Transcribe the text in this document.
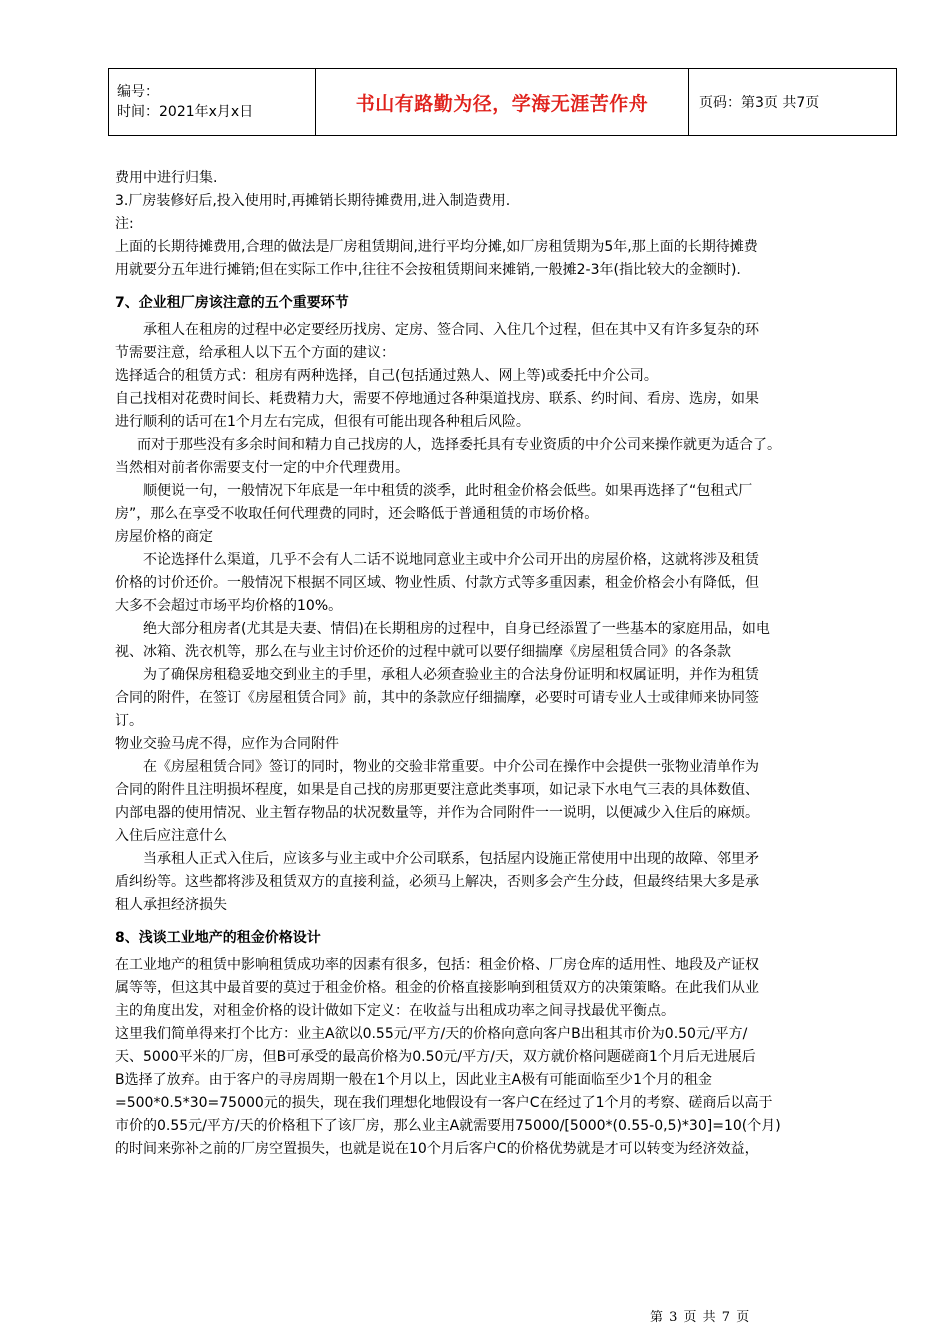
编号：
时间：2021年x月x日	书山有路勤为径，学海无涯苦作舟	页码：第3页 共7页
费用中进行归集.
3.厂房装修好后,投入使用时,再摊销长期待摊费用,进入制造费用.
注:
上面的长期待摊费用,合理的做法是厂房租赁期间,进行平均分摊,如厂房租赁期为5年,那上面的长期待摊费
用就要分五年进行摊销;但在实际工作中,往往不会按租赁期间来摊销,一般摊2-3年(指比较大的金额时).
7、企业租厂房该注意的五个重要环节
承租人在租房的过程中必定要经历找房、定房、签合同、入住几个过程，但在其中又有许多复杂的环
节需要注意，给承租人以下五个方面的建议：
选择适合的租赁方式：租房有两种选择，自己(包括通过熟人、网上等)或委托中介公司。
自己找相对花费时间长、耗费精力大，需要不停地通过各种渠道找房、联系、约时间、看房、选房，如果
进行顺利的话可在1个月左右完成，但很有可能出现各种租后风险。
而对于那些没有多余时间和精力自己找房的人，选择委托具有专业资质的中介公司来操作就更为适合了。
当然相对前者你需要支付一定的中介代理费用。
顺便说一句，一般情况下年底是一年中租赁的淡季，此时租金价格会低些。如果再选择了“包租式厂
房”，那么在享受不收取任何代理费的同时，还会略低于普通租赁的市场价格。
房屋价格的商定
不论选择什么渠道，几乎不会有人二话不说地同意业主或中介公司开出的房屋价格，这就将涉及租赁
价格的讨价还价。一般情况下根据不同区域、物业性质、付款方式等多重因素，租金价格会小有降低，但
大多不会超过市场平均价格的10%。
绝大部分租房者(尤其是夫妻、情侣)在长期租房的过程中，自身已经添置了一些基本的家庭用品，如电
视、冰箱、洗衣机等，那么在与业主讨价还价的过程中就可以要仔细揣摩《房屋租赁合同》的各条款
为了确保房租稳妥地交到业主的手里，承租人必须查验业主的合法身份证明和权属证明，并作为租赁
合同的附件，在签订《房屋租赁合同》前，其中的条款应仔细揣摩，必要时可请专业人士或律师来协同签
订。
物业交验马虎不得，应作为合同附件
在《房屋租赁合同》签订的同时，物业的交验非常重要。中介公司在操作中会提供一张物业清单作为
合同的附件且注明损坏程度，如果是自己找的房那更要注意此类事项，如记录下水电气三表的具体数值、
内部电器的使用情况、业主暂存物品的状况数量等，并作为合同附件一一说明，以便减少入住后的麻烦。
入住后应注意什么
当承租人正式入住后，应该多与业主或中介公司联系，包括屋内设施正常使用中出现的故障、邻里矛
盾纠纷等。这些都将涉及租赁双方的直接利益，必须马上解决，否则多会产生分歧，但最终结果大多是承
租人承担经济损失
8、浅谈工业地产的租金价格设计
在工业地产的租赁中影响租赁成功率的因素有很多，包括：租金价格、厂房仓库的适用性、地段及产证权
属等等，但这其中最首要的莫过于租金价格。租金的价格直接影响到租赁双方的决策策略。在此我们从业
主的角度出发，对租金价格的设计做如下定义：在收益与出租成功率之间寻找最优平衡点。
这里我们简单得来打个比方：业主A欲以0.55元/平方/天的价格向意向客户B出租其市价为0.50元/平方/
天、5000平米的厂房，但B可承受的最高价格为0.50元/平方/天，双方就价格问题磋商1个月后无进展后
B选择了放弃。由于客户的寻房周期一般在1个月以上，因此业主A极有可能面临至少1个月的租金
=500*0.5*30=75000元的损失，现在我们理想化地假设有一客户C在经过了1个月的考察、磋商后以高于
市价的0.55元/平方/天的价格租下了该厂房，那么业主A就需要用75000/[5000*(0.55-0,5)*30]=10(个月)
的时间来弥补之前的厂房空置损失，也就是说在10个月后客户C的价格优势就是才可以转变为经济效益，
第 3 页 共 7 页
